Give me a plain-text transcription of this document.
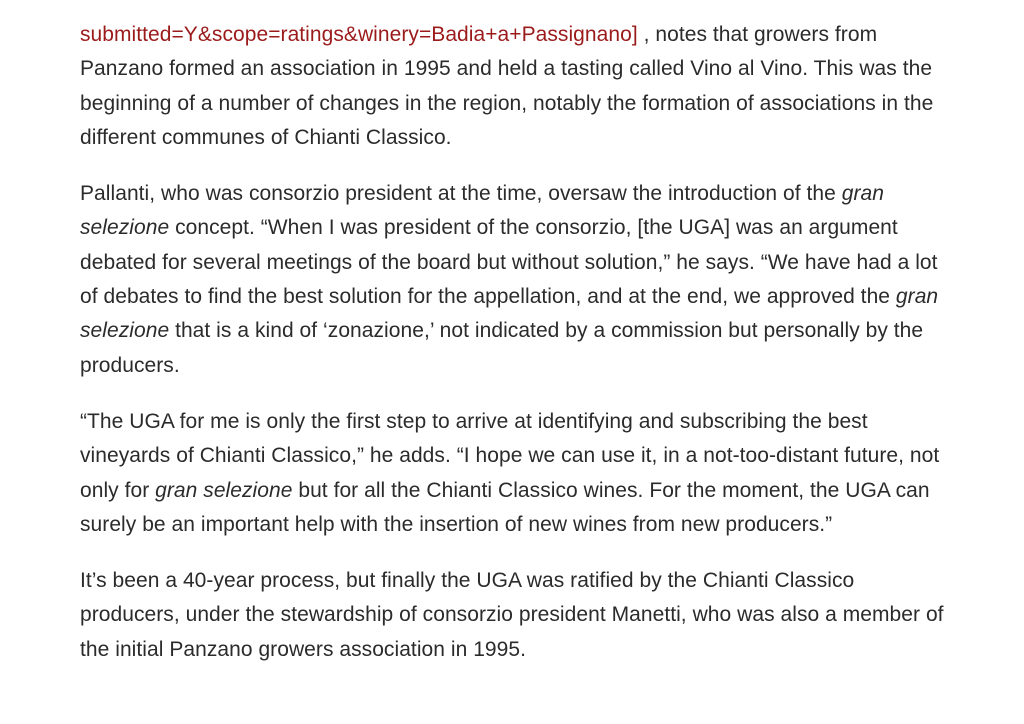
submitted=Y&scope=ratings&winery=Badia+a+Passignano] , notes that growers from Panzano formed an association in 1995 and held a tasting called Vino al Vino. This was the beginning of a number of changes in the region, notably the formation of associations in the different communes of Chianti Classico.

Pallanti, who was consorzio president at the time, oversaw the introduction of the gran selezione concept. “When I was president of the consorzio, [the UGA] was an argument debated for several meetings of the board but without solution,” he says. “We have had a lot of debates to find the best solution for the appellation, and at the end, we approved the gran selezione that is a kind of ‘zonazione,’ not indicated by a commission but personally by the producers.

“The UGA for me is only the first step to arrive at identifying and subscribing the best vineyards of Chianti Classico,” he adds. “I hope we can use it, in a not-too-distant future, not only for gran selezione but for all the Chianti Classico wines. For the moment, the UGA can surely be an important help with the insertion of new wines from new producers.”

It’s been a 40-year process, but finally the UGA was ratified by the Chianti Classico producers, under the stewardship of consorzio president Manetti, who was also a member of the initial Panzano growers association in 1995.
